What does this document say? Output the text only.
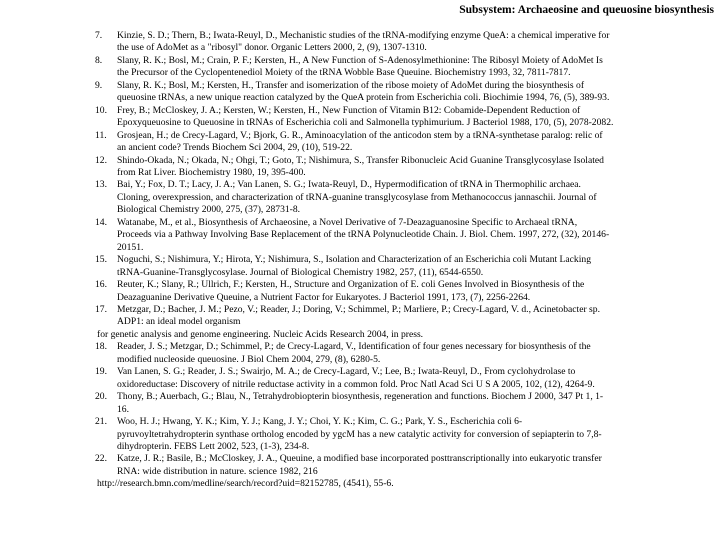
Subsystem: Archaeosine and queuosine biosynthesis
7.	Kinzie, S. D.; Thern, B.; Iwata-Reuyl, D., Mechanistic studies of the tRNA-modifying enzyme QueA: a chemical imperative for
the use of AdoMet as a "ribosyl" donor. Organic Letters 2000, 2, (9), 1307-1310.
8.	Slany, R. K.; Bosl, M.; Crain, P. F.; Kersten, H., A New Function of S-Adenosylmethionine: The Ribosyl Moiety of AdoMet Is
the Precursor of the Cyclopentenediol Moiety of the tRNA Wobble Base Queuine. Biochemistry 1993, 32, 7811-7817.
9.	Slany, R. K.; Bosl, M.; Kersten, H., Transfer and isomerization of the ribose moiety of AdoMet during the biosynthesis of
queuosine tRNAs, a new unique reaction catalyzed by the QueA protein from Escherichia coli. Biochimie 1994, 76, (5), 389-93.
10.	Frey, B.; McCloskey, J. A.; Kersten, W.; Kersten, H., New Function of Vitamin B12: Cobamide-Dependent Reduction of
Epoxyqueuosine to Queuosine in tRNAs of Escherichia coli and Salmonella typhimurium. J Bacteriol 1988, 170, (5), 2078-2082.
11.	Grosjean, H.; de Crecy-Lagard, V.; Bjork, G. R., Aminoacylation of the anticodon stem by a tRNA-synthetase paralog: relic of
an ancient code? Trends Biochem Sci 2004, 29, (10), 519-22.
12.	Shindo-Okada, N.; Okada, N.; Ohgi, T.; Goto, T.; Nishimura, S., Transfer Ribonucleic Acid Guanine Transglycosylase Isolated
from Rat Liver. Biochemistry 1980, 19, 395-400.
13.	Bai, Y.; Fox, D. T.; Lacy, J. A.; Van Lanen, S. G.; Iwata-Reuyl, D., Hypermodification of tRNA in Thermophilic archaea.
Cloning, overexpression, and characterization of tRNA-guanine transglycosylase from Methanococcus jannaschii. Journal of
Biological Chemistry 2000, 275, (37), 28731-8.
14.	Watanabe, M., et al., Biosynthesis of Archaeosine, a Novel Derivative of 7-Deazaguanosine Specific to Archaeal tRNA,
Proceeds via a Pathway Involving Base Replacement of the tRNA Polynucleotide Chain. J. Biol. Chem. 1997, 272, (32), 20146-
20151.
15.	Noguchi, S.; Nishimura, Y.; Hirota, Y.; Nishimura, S., Isolation and Characterization of an Escherichia coli Mutant Lacking
tRNA-Guanine-Transglycosylase. Journal of Biological Chemistry 1982, 257, (11), 6544-6550.
16.	Reuter, K.; Slany, R.; Ullrich, F.; Kersten, H., Structure and Organization of E. coli Genes Involved in Biosynthesis of the
Deazaguanine Derivative Queuine, a Nutrient Factor for Eukaryotes. J Bacteriol 1991, 173, (7), 2256-2264.
17.	Metzgar, D.; Bacher, J. M.; Pezo, V.; Reader, J.; Doring, V.; Schimmel, P.; Marliere, P.; Crecy-Lagard, V. d., Acinetobacter sp.
ADP1: an ideal model organism
for genetic analysis and genome engineering. Nucleic Acids Research 2004, in press.
18.	Reader, J. S.; Metzgar, D.; Schimmel, P.; de Crecy-Lagard, V., Identification of four genes necessary for biosynthesis of the
modified nucleoside queuosine. J Biol Chem 2004, 279, (8), 6280-5.
19.	Van Lanen, S. G.; Reader, J. S.; Swairjo, M. A.; de Crecy-Lagard, V.; Lee, B.; Iwata-Reuyl, D., From cyclohydrolase to
oxidoreductase: Discovery of nitrile reductase activity in a common fold. Proc Natl Acad Sci U S A 2005, 102, (12), 4264-9.
20.	Thony, B.; Auerbach, G.; Blau, N., Tetrahydrobiopterin biosynthesis, regeneration and functions. Biochem J 2000, 347 Pt 1, 1-
16.
21.	Woo, H. J.; Hwang, Y. K.; Kim, Y. J.; Kang, J. Y.; Choi, Y. K.; Kim, C. G.; Park, Y. S., Escherichia coli 6-
pyruvoyltetrahydropterin synthase ortholog encoded by ygcM has a new catalytic activity for conversion of sepiapterin to 7,8-
dihydropterin. FEBS Lett 2002, 523, (1-3), 234-8.
22.	Katze, J. R.; Basile, B.; McCloskey, J. A., Queuine, a modified base incorporated posttranscriptionally into eukaryotic transfer
RNA: wide distribution in nature. science 1982, 216
http://research.bmn.com/medline/search/record?uid=82152785, (4541), 55-6.
